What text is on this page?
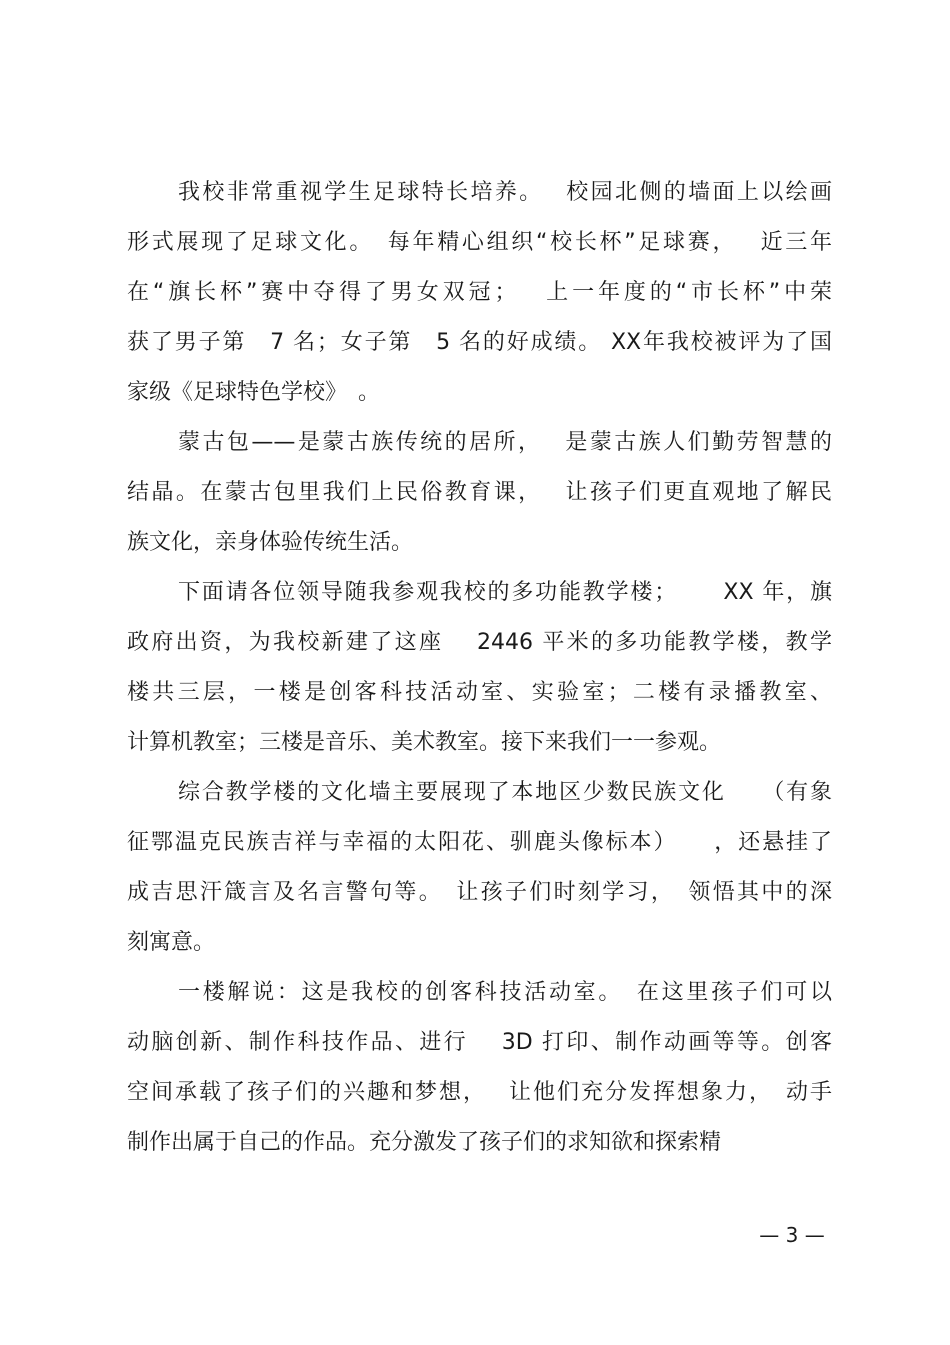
我校非常重视学生足球特长培养。　 校园北侧的墙面上以绘画
形式展现了足球文化。　每年精心组织“校长杯”足球赛，　 近三年
在“旗长杯”赛中夺得了男女双冠；　 上一年度的“市长杯”中荣
获了男子第　7 名；女子第　5 名的好成绩。 XX年我校被评为了国
家级《足球特色学校》　。
蒙古包——是蒙古族传统的居所，　 是蒙古族人们勤劳智慧的
结晶。在蒙古包里我们上民俗教育课，　 让孩子们更直观地了解民
族文化，亲身体验传统生活。
下面请各位领导随我参观我校的多功能教学楼；　　 XX 年，旗
政府出资，为我校新建了这座　 2446 平米的多功能教学楼，教学
楼共三层，一楼是创客科技活动室、实验室；二楼有录播教室、
计算机教室；三楼是音乐、美术教室。接下来我们一一参观。
综合教学楼的文化墙主要展现了本地区少数民族文化　　（有象
征鄂温克民族吉祥与幸福的太阳花、驯鹿头像标本）　　，还悬挂了
成吉思汗箴言及名言警句等。　让孩子们时刻学习，　领悟其中的深
刻寓意。
一楼解说：这是我校的创客科技活动室。　在这里孩子们可以
动脑创新、制作科技作品、进行　 3D 打印、制作动画等等。创客
空间承载了孩子们的兴趣和梦想，　 让他们充分发挥想象力，　动手
制作出属于自己的作品。充分激发了孩子们的求知欲和探索精
— 3 —
